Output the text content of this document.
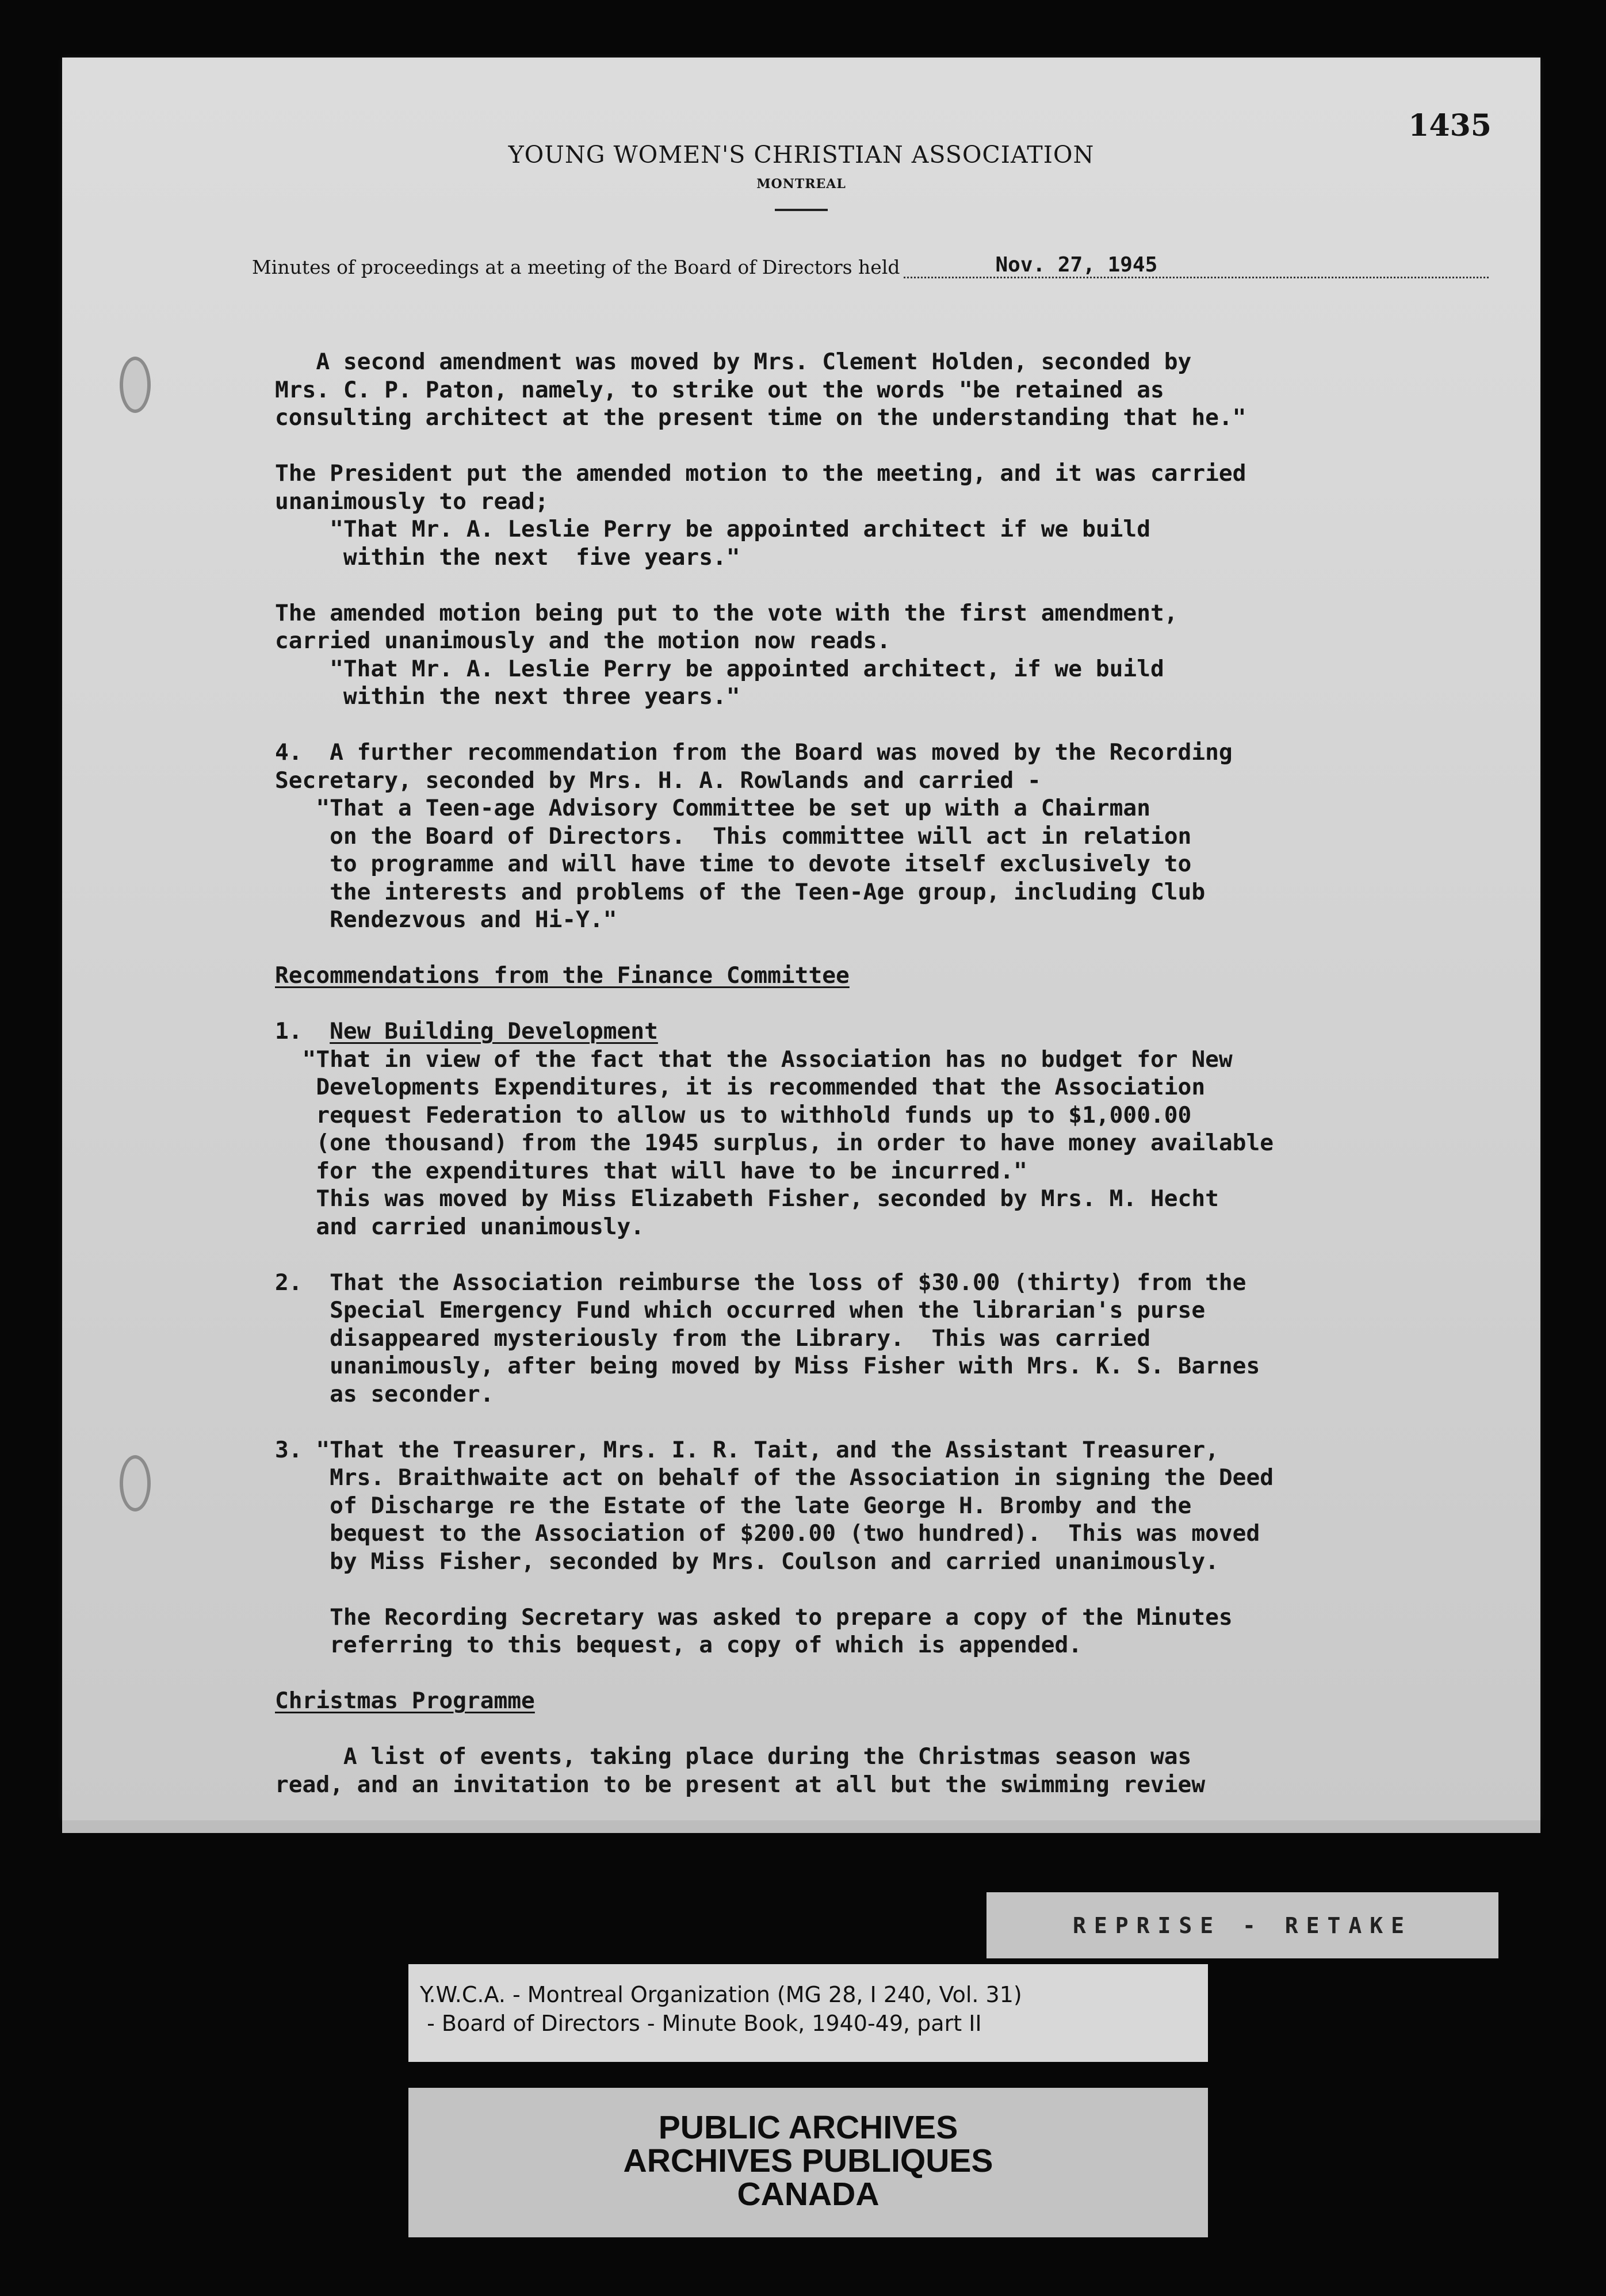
1435
YOUNG WOMEN'S CHRISTIAN ASSOCIATION
MONTREAL
Minutes of proceedings at a meeting of the Board of Directors held	Nov. 27, 1945
A second amendment was moved by Mrs. Clement Holden, seconded by
Mrs. C. P. Paton, namely, to strike out the words "be retained as
consulting architect at the present time on the understanding that he."

The President put the amended motion to the meeting, and it was carried
unanimously to read;
"That Mr. A. Leslie Perry be appointed architect if we build
within the next  five years."

The amended motion being put to the vote with the first amendment,
carried unanimously and the motion now reads.
"That Mr. A. Leslie Perry be appointed architect, if we build
within the next three years."

4.  A further recommendation from the Board was moved by the Recording
Secretary, seconded by Mrs. H. A. Rowlands and carried -
"That a Teen-age Advisory Committee be set up with a Chairman
on the Board of Directors.  This committee will act in relation
to programme and will have time to devote itself exclusively to
the interests and problems of the Teen-Age group, including Club
Rendezvous and Hi-Y."

Recommendations from the Finance Committee

1.  New Building Development
"That in view of the fact that the Association has no budget for New
Developments Expenditures, it is recommended that the Association
request Federation to allow us to withhold funds up to $1,000.00
(one thousand) from the 1945 surplus, in order to have money available
for the expenditures that will have to be incurred."
This was moved by Miss Elizabeth Fisher, seconded by Mrs. M. Hecht
and carried unanimously.

2.  That the Association reimburse the loss of $30.00 (thirty) from the
Special Emergency Fund which occurred when the librarian's purse
disappeared mysteriously from the Library.  This was carried
unanimously, after being moved by Miss Fisher with Mrs. K. S. Barnes
as seconder.

3. "That the Treasurer, Mrs. I. R. Tait, and the Assistant Treasurer,
Mrs. Braithwaite act on behalf of the Association in signing the Deed
of Discharge re the Estate of the late George H. Bromby and the
bequest to the Association of $200.00 (two hundred).  This was moved
by Miss Fisher, seconded by Mrs. Coulson and carried unanimously.

The Recording Secretary was asked to prepare a copy of the Minutes
referring to this bequest, a copy of which is appended.

Christmas Programme

A list of events, taking place during the Christmas season was
read, and an invitation to be present at all but the swimming review
REPRISE - RETAKE
Y.W.C.A. - Montreal Organization (MG 28, I 240, Vol. 31)
- Board of Directors - Minute Book, 1940-49, part II
PUBLIC ARCHIVES
ARCHIVES PUBLIQUES
CANADA
